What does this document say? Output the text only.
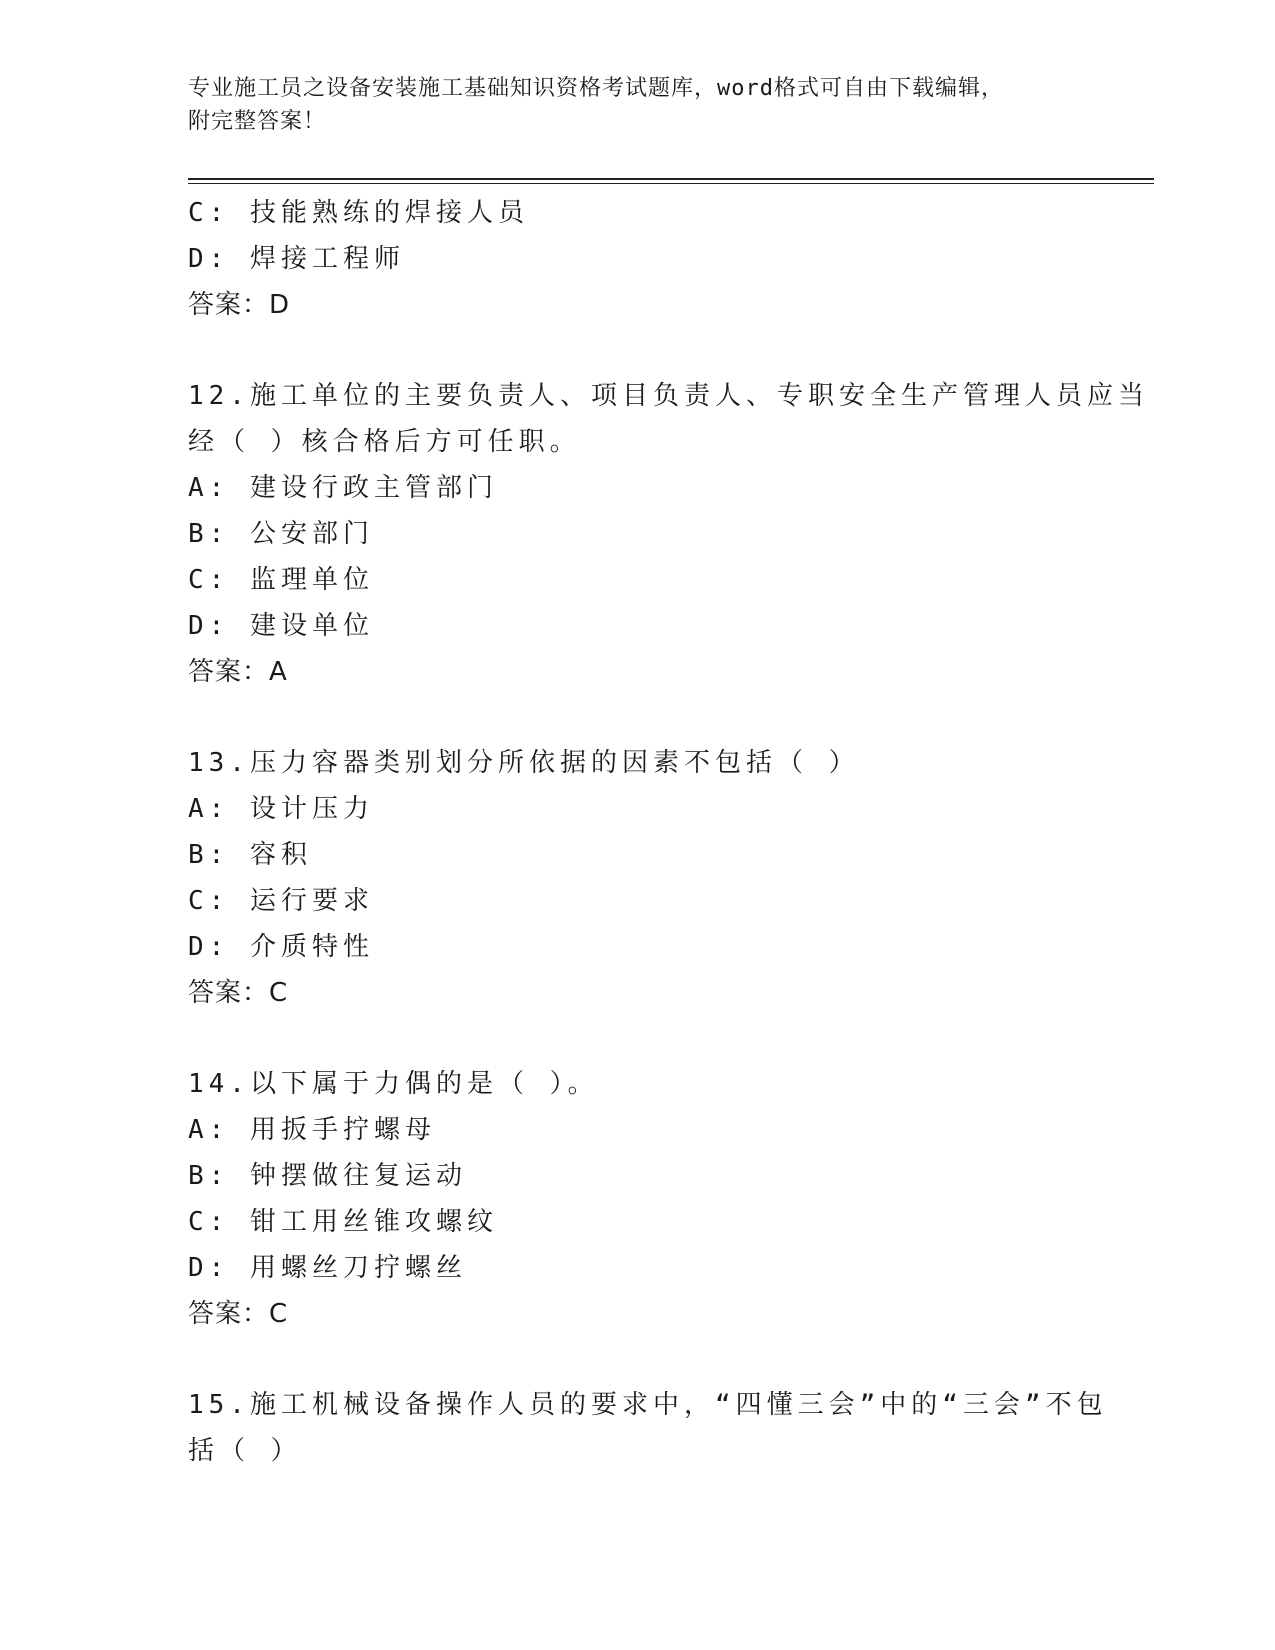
专业施工员之设备安装施工基础知识资格考试题库，word格式可自由下载编辑，
附完整答案！
C: 技能熟练的焊接人员
D: 焊接工程师
答案：D
12.施工单位的主要负责人、项目负责人、专职安全生产管理人员应当
经（ ）核合格后方可任职。
A: 建设行政主管部门
B: 公安部门
C: 监理单位
D: 建设单位
答案：A
13.压力容器类别划分所依据的因素不包括（ ）
A: 设计压力
B: 容积
C: 运行要求
D: 介质特性
答案：C
14.以下属于力偶的是（ ）。
A: 用扳手拧螺母
B: 钟摆做往复运动
C: 钳工用丝锥攻螺纹
D: 用螺丝刀拧螺丝
答案：C
15.施工机械设备操作人员的要求中，“四懂三会”中的“三会”不包
括（ ）
